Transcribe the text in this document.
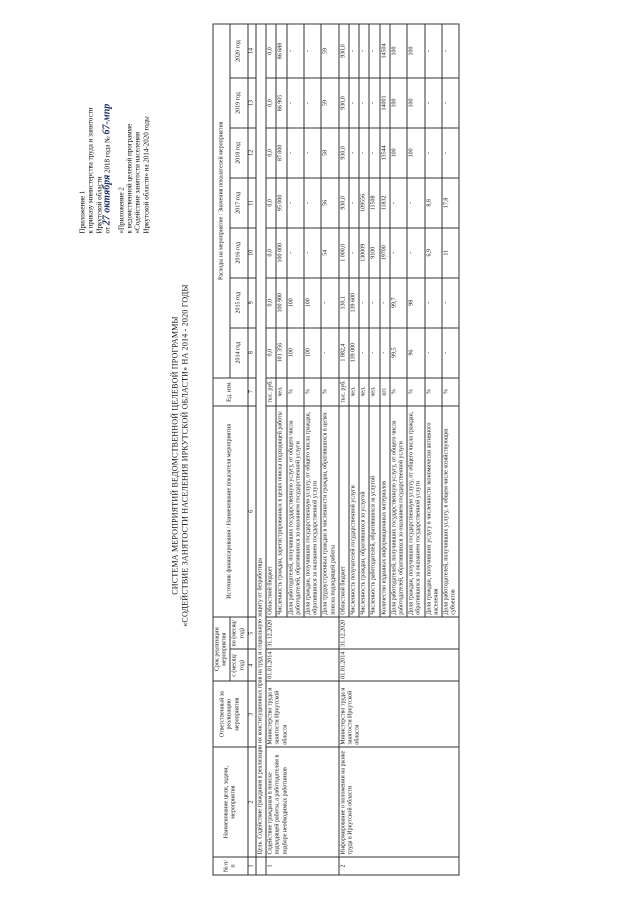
Приложение 1 к приказу министерства труда и занятости Иркутской области от 27 октября 2018 года № 67-мпр
«Приложение 2 к ведомственной целевой программе «Содействие занятости населения Иркутской области» на 2014-2020 годы
СИСТЕМА МЕРОПРИЯТИЙ ВЕДОМСТВЕННОЙ ЦЕЛЕВОЙ ПРОГРАММЫ «СОДЕЙСТВИЕ ЗАНЯТОСТИ НАСЕЛЕНИЯ ИРКУТСКОЙ ОБЛАСТИ» НА 2014 - 2020 ГОДЫ
№ п/п	Наименование цели, задачи, мероприятия	Ответственный за реализацию мероприятия	Срок реализации мероприятия		Источник финансирования / Наименование показателя мероприятия	Ед. изм.	Расходы на мероприятие / Значения показателей мероприятия						
			с (месяц/год)	по (месяц/год)			2014 год	2015 год	2016 год	2017 год	2018 год	2019 год	2020 год
1	2	3	4	5	6	7	8	9	10	11	12	13	14
	Цель. Содействие гражданам в реализации их конституционных прав на труд и социальную защиту от безработицы												
1	Содействие гражданам в поиске подходящей работы, а работодателям в подборе необходимых работников	Министерство труда и занятости Иркутской области	01.01.2014	31.12.2020	Областной бюджет	тыс. руб.	0,0	0,0	0,0	0,0	0,0	0,0	0,0
					Численность граждан, зарегистрированных в целях поиска подходящей работы	чел.	101 356	100 900	100 000	95 000	87 000	86 905	86 688
					Доля работодателей, получивших государственную услугу, от общего числа работодателей, обратившихся за оказанием государственной услуги	%	100	100	-	-	-	-	-
					Доля граждан, получивших государственную услугу, от общего числа граждан, обратившихся за оказанием государственной услуги	%	100	100	-	-	-	-	-
					Доля трудоустроенных граждан в численности граждан, обратившихся в целях поиска подходящей работы	%	-	-	54	56	58	59	59
2	Информирование о положении на рынке труда в Иркутской области	Министерство труда и занятости Иркутской области	01.01.2014	31.12.2020	Областной бюджет	тыс. руб.	1 882,4	130,1	1 000,0	930,0	930,0	930,0	930,0
					Численность получателей государственной услуги	чел.	139 000	139 600	-	-	-	-	-
					Численность граждан, обратившихся за услугой	чел.	-	-	130009	109556	-	-	-
					Численность работодателей, обратившихся за услугой	чел.	-	-	9100	11508	-	-	-
					Количество изданных информационных материалов	шт.	-	-	19700	11832	13544	14001	14504
					Доля работодателей, получивших государственную услугу, от общего числа работодателей, обратившихся за оказанием государственной услуги	%	99,5	99,7	-	-	100	100	100
					Доля граждан, получивших государственную услугу, от общего числа граждан, обратившихся за оказанием государственной услуги	%	96	98	-	-	100	100	100
					Доля граждан, получивших услугу в численности экономически активного населения	%	-	-	6,9	8,8	-	-	-
					Доля работодателей, получивших услугу, в общем числе хозяйствующих субъектов	%	-	-	11	17,8	-	-	-
